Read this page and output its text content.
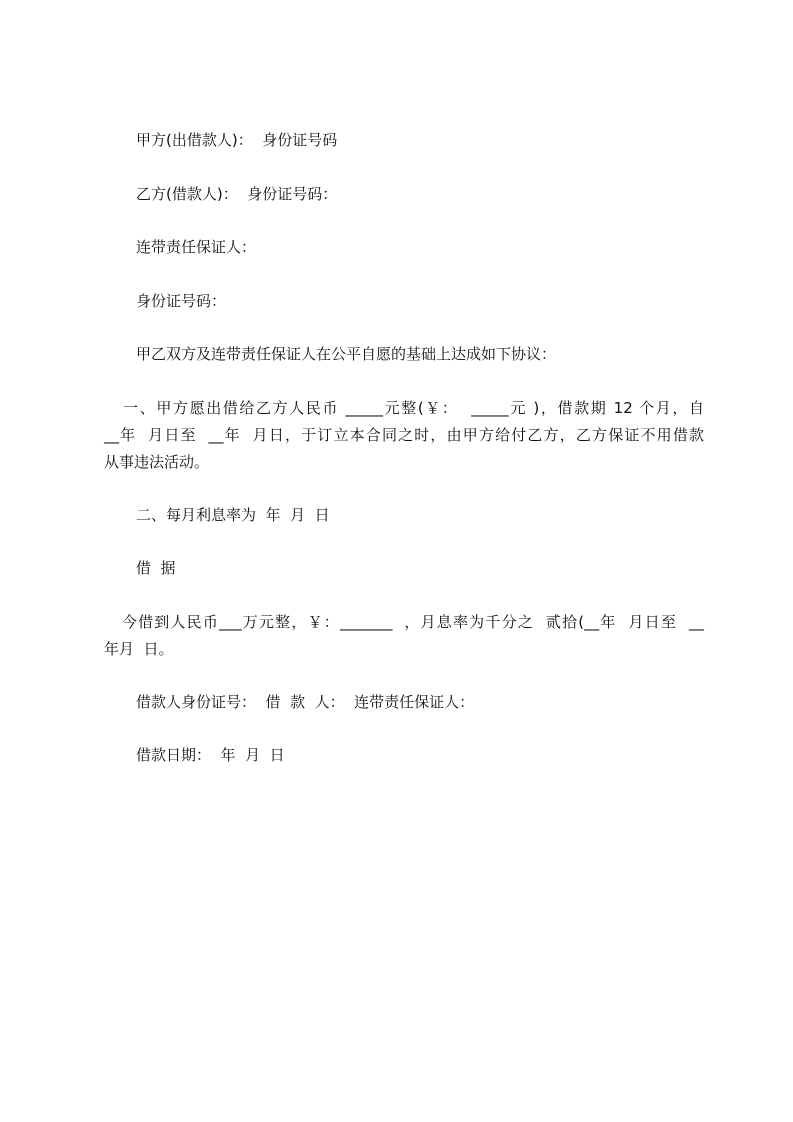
甲方(出借款人)：  身份证号码
乙方(借款人)：  身份证号码：
连带责任保证人：
身份证号码：
甲乙双方及连带责任保证人在公平自愿的基础上达成如下协议：
一、甲方愿出借给乙方人民币 _____元整(￥：  _____元 )，借款期 12 个月，自
__年  月日至  __年  月日，于订立本合同之时，由甲方给付乙方，乙方保证不用借款
从事违法活动。
二、每月利息率为  年  月  日
借  据
今借到人民币___万元整，￥：_______  ，月息率为千分之  贰拾(__年  月日至  __
年月  日。
借款人身份证号：  借  款  人：  连带责任保证人：
借款日期：  年  月  日
